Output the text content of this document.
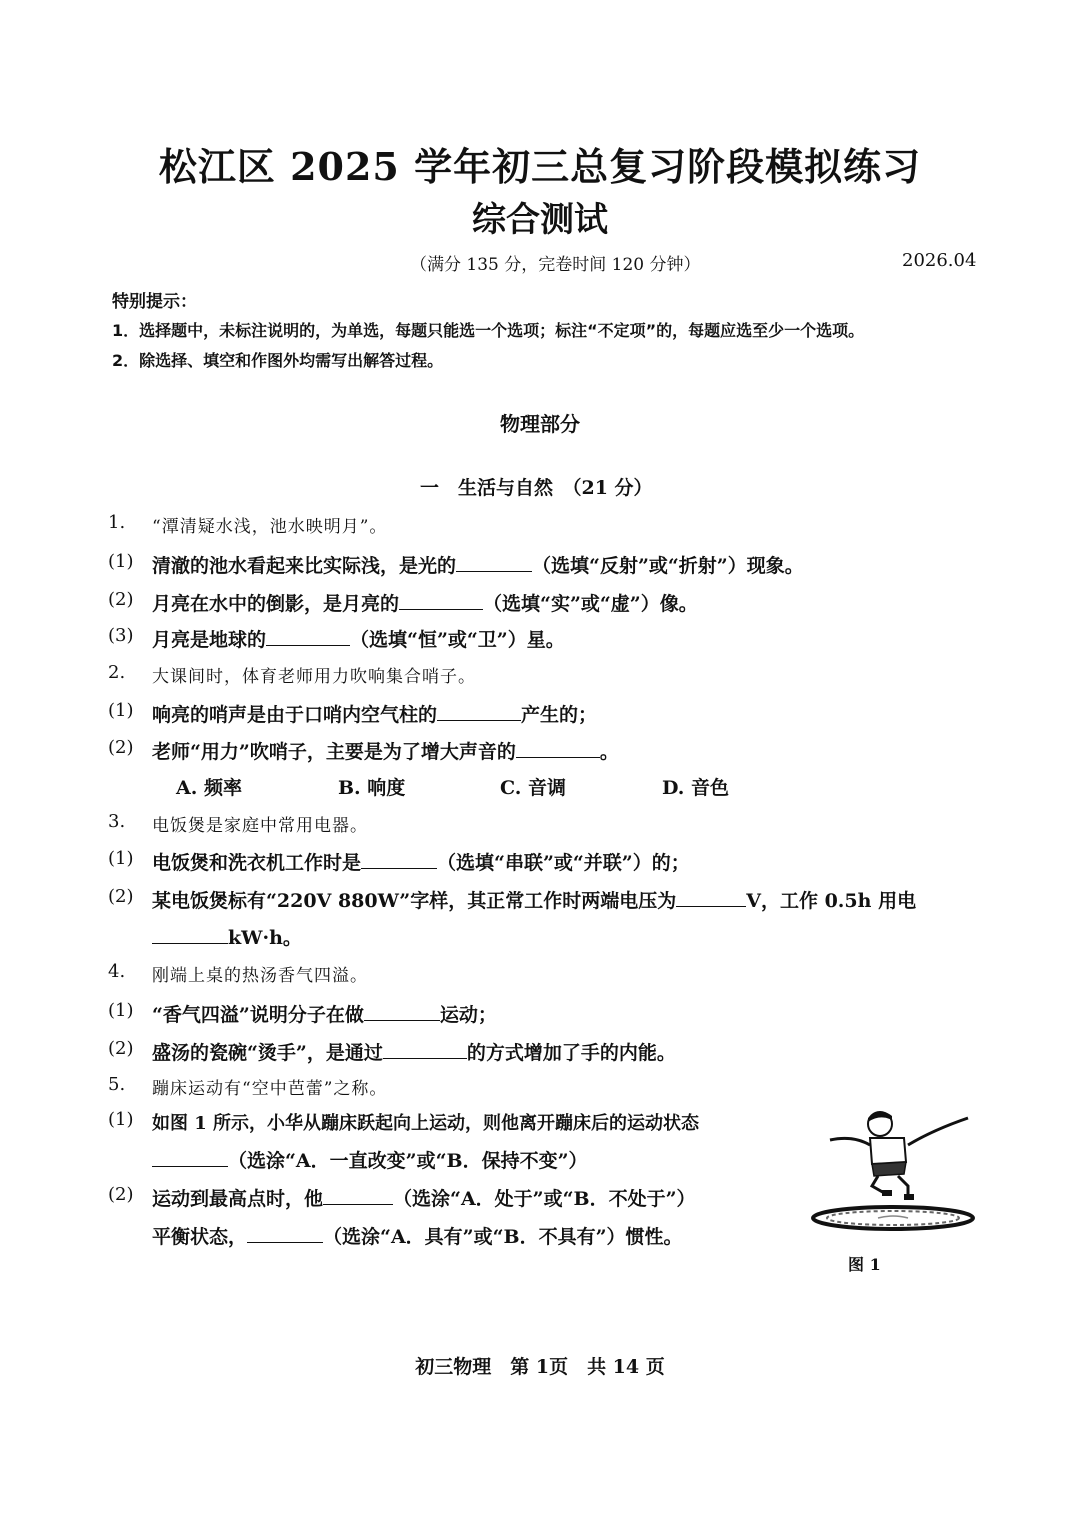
松江区 2025 学年初三总复习阶段模拟练习
综合测试
（满分 135 分，完卷时间 120 分钟）	2026.04
特别提示：
1．选择题中，未标注说明的，为单选，每题只能选一个选项；标注“不定项”的，每题应选至少一个选项。
2．除选择、填空和作图外均需写出解答过程。
物理部分
一　生活与自然　（21 分）
1. “潭清疑水浅，池水映明月”。
(1) 清澈的池水看起来比实际浅，是光的	（选填“反射”或“折射”）现象。
(2) 月亮在水中的倒影，是月亮的	（选填“实”或“虚”）像。
(3) 月亮是地球的	（选填“恒”或“卫”）星。
2. 大课间时，体育老师用力吹响集合哨子。
(1) 响亮的哨声是由于口哨内空气柱的	产生的；
(2) 老师“用力”吹哨子，主要是为了增大声音的	。
A. 频率	B. 响度	C. 音调	D. 音色
3. 电饭煲是家庭中常用电器。
(1) 电饭煲和洗衣机工作时是	（选填“串联”或“并联”）的；
(2) 某电饭煲标有“220V 880W”字样，其正常工作时两端电压为	V，工作 0.5h 用电
kW·h。
4. 刚端上桌的热汤香气四溢。
(1) “香气四溢”说明分子在做	运动；
(2) 盛汤的瓷碗“烫手”，是通过	的方式增加了手的内能。
5. 蹦床运动有“空中芭蕾”之称。
(1) 如图 1 所示，小华从蹦床跃起向上运动，则他离开蹦床后的运动状态
（选涂“A．一直改变”或“B．保持不变”）
(2) 运动到最高点时，他	（选涂“A．处于”或“B．不处于”）
平衡状态，	（选涂“A．具有”或“B．不具有”）惯性。
图 1
初三物理　第 1页　共 14 页
